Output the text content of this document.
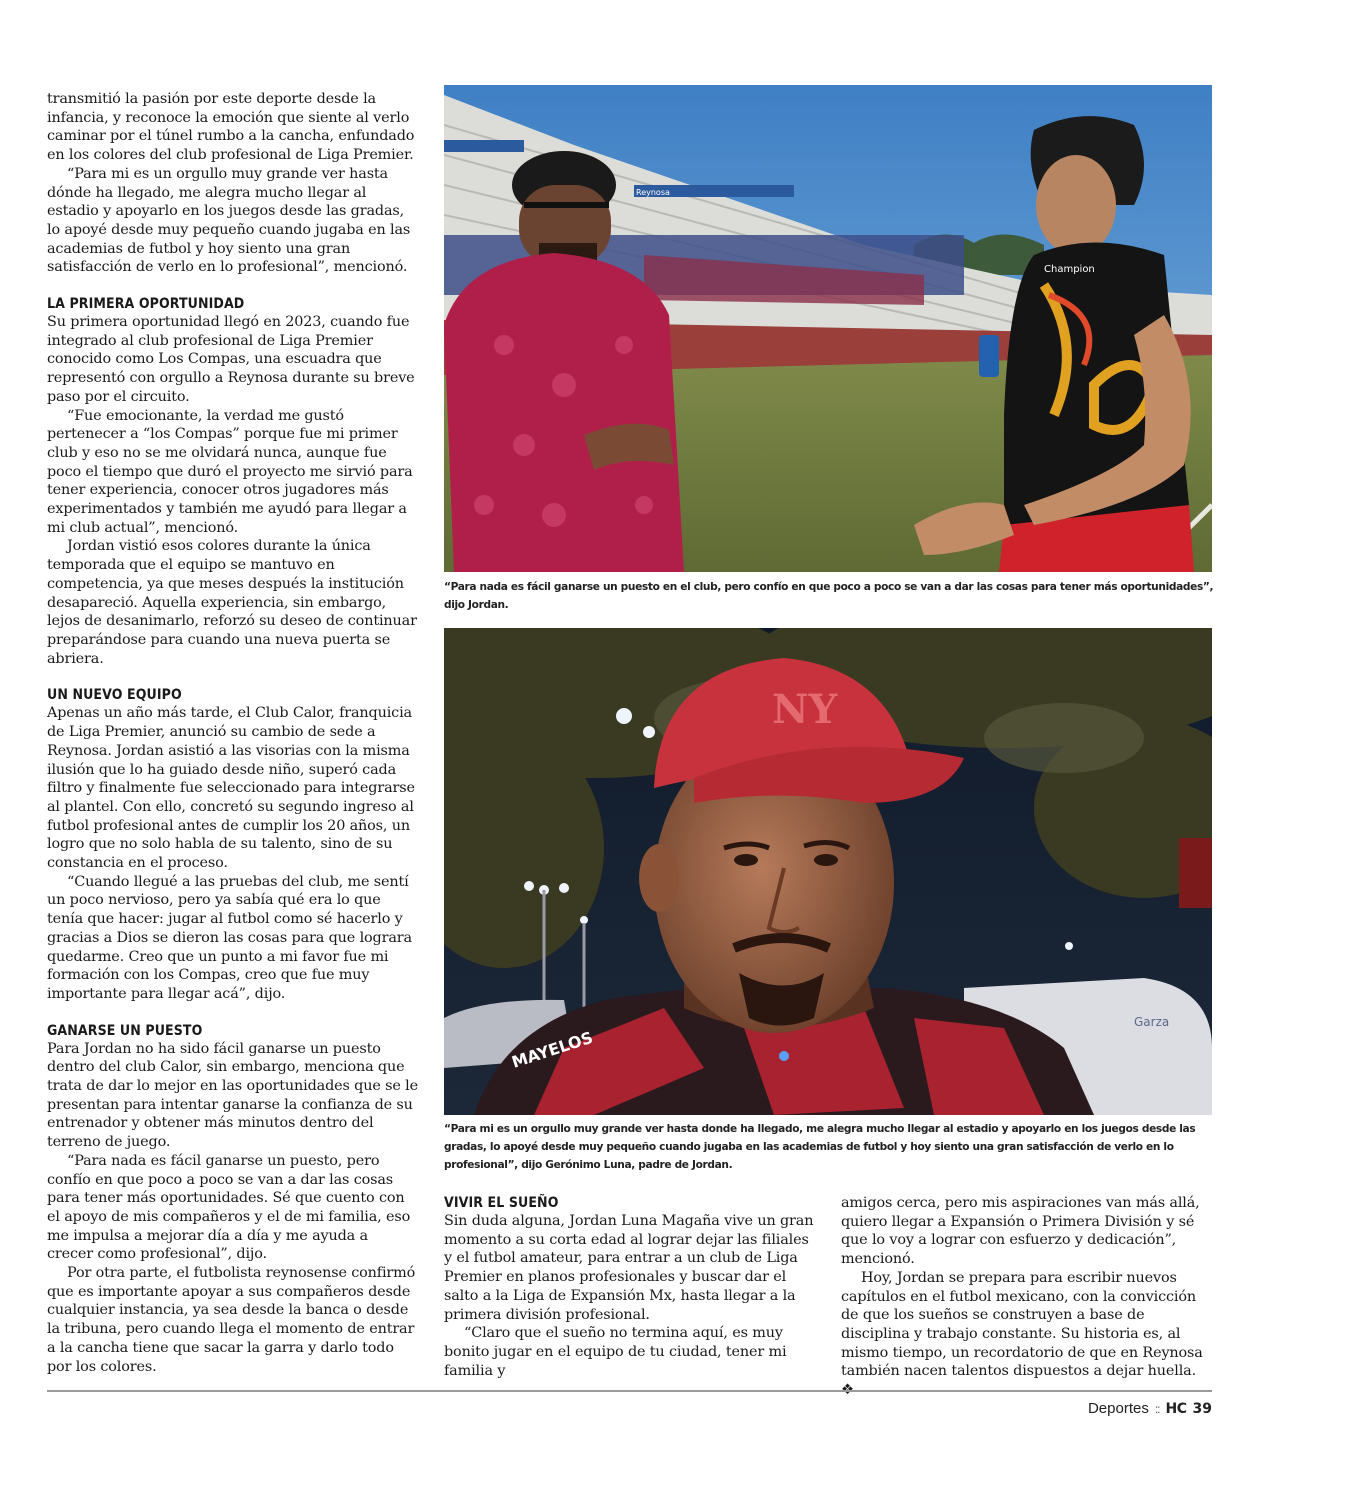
transmitió la pasión por este deporte desde la infancia, y reconoce la emoción que siente al verlo caminar por el túnel rumbo a la cancha, enfundado en los colores del club profesional de Liga Premier.

“Para mi es un orgullo muy grande ver hasta dónde ha llegado, me alegra mucho llegar al estadio y apoyarlo en los juegos desde las gradas, lo apoyé desde muy pequeño cuando jugaba en las academias de futbol y hoy siento una gran satisfacción de verlo en lo profesional”, mencionó.

LA PRIMERA OPORTUNIDAD

Su primera oportunidad llegó en 2023, cuando fue integrado al club profesional de Liga Premier conocido como Los Compas, una escuadra que representó con orgullo a Reynosa durante su breve paso por el circuito.

“Fue emocionante, la verdad me gustó pertenecer a “los Compas” porque fue mi primer club y eso no se me olvidará nunca, aunque fue poco el tiempo que duró el proyecto me sirvió para tener experiencia, conocer otros jugadores más experimentados y también me ayudó para llegar a mi club actual”, mencionó.

Jordan vistió esos colores durante la única temporada que el equipo se mantuvo en competencia, ya que meses después la institución desapareció. Aquella experiencia, sin embargo, lejos de desanimarlo, reforzó su deseo de continuar preparándose para cuando una nueva puerta se abriera.

UN NUEVO EQUIPO

Apenas un año más tarde, el Club Calor, franquicia de Liga Premier, anunció su cambio de sede a Reynosa. Jordan asistió a las visorias con la misma ilusión que lo ha guiado desde niño, superó cada filtro y finalmente fue seleccionado para integrarse al plantel. Con ello, concretó su segundo ingreso al futbol profesional antes de cumplir los 20 años, un logro que no solo habla de su talento, sino de su constancia en el proceso.

“Cuando llegué a las pruebas del club, me sentí un poco nervioso, pero ya sabía qué era lo que tenía que hacer: jugar al futbol como sé hacerlo y gracias a Dios se dieron las cosas para que lograra quedarme. Creo que un punto a mi favor fue mi formación con los Compas, creo que fue muy importante para llegar acá”, dijo.

GANARSE UN PUESTO

Para Jordan no ha sido fácil ganarse un puesto dentro del club Calor, sin embargo, menciona que trata de dar lo mejor en las oportunidades que se le presentan para intentar ganarse la confianza de su entrenador y obtener más minutos dentro del terreno de juego.

“Para nada es fácil ganarse un puesto, pero confío en que poco a poco se van a dar las cosas para tener más oportunidades. Sé que cuento con el apoyo de mis compañeros y el de mi familia, eso me impulsa a mejorar día a día y me ayuda a crecer como profesional”, dijo.

Por otra parte, el futbolista reynosense confirmó que es importante apoyar a sus compañeros desde cualquier instancia, ya sea desde la banca o desde la tribuna, pero cuando llega el momento de entrar a la cancha tiene que sacar la garra y darlo todo por los colores.

Reynosa
Champion
“Para nada es fácil ganarse un puesto en el club, pero confío en que poco a poco se van a dar las cosas para tener más oportunidades”, dijo Jordan.
Garza
MAYELOS
NY
“Para mi es un orgullo muy grande ver hasta donde ha llegado, me alegra mucho llegar al estadio y apoyarlo en los juegos desde las gradas, lo apoyé desde muy pequeño cuando jugaba en las academias de futbol y hoy siento una gran satisfacción de verlo en lo profesional”, dijo Gerónimo Luna, padre de Jordan.
VIVIR EL SUEÑO

Sin duda alguna, Jordan Luna Magaña vive un gran momento a su corta edad al lograr dejar las filiales y el futbol amateur, para entrar a un club de Liga Premier en planos profesionales y buscar dar el salto a la Liga de Expansión Mx, hasta llegar a la primera división profesional.

“Claro que el sueño no termina aquí, es muy bonito jugar en el equipo de tu ciudad, tener mi familia y

amigos cerca, pero mis aspiraciones van más allá, quiero llegar a Expansión o Primera División y sé que lo voy a lograr con esfuerzo y dedicación”, mencionó.

Hoy, Jordan se prepara para escribir nuevos capítulos en el futbol mexicano, con la convicción de que los sueños se construyen a base de disciplina y trabajo constante. Su historia es, al mismo tiempo, un recordatorio de que en Reynosa también nacen talentos dispuestos a dejar huella.

Deportes :: HC 39
